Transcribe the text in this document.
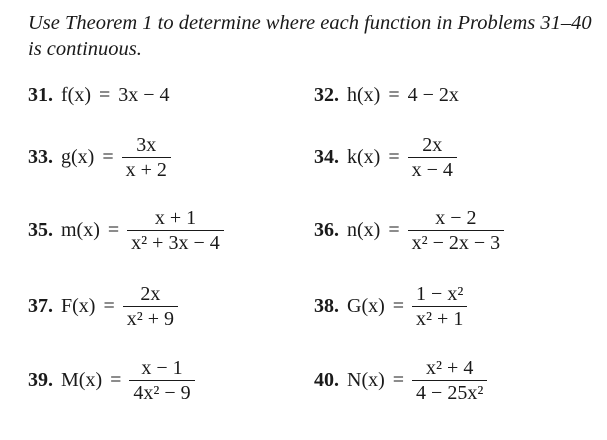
Use Theorem 1 to determine where each function in Problems 31–40 is continuous.
31. f(x) = 3x − 4	32. h(x) = 4 − 2x
33. $g(x) = \frac{3x}{x + 2}$	34. $k(x) = \frac{2x}{x - 4}$
35. $m(x) = \frac{x + 1}{\text{x² + 3x − 4}}$	36. $n(x) = \frac{x - 2}{\text{x² − 2x − 3}}$
37. $F(x) = \frac{2x}{\text{x² + 9}}$	38. $G(x) = \frac{\text{1 − x²}}{\text{x² + 1}}$
39. $M(x) = \frac{x - 1}{\text{4x² − 9}}$	40. $N(x) = \frac{\text{x² + 4}}{\text{4 − 25x²}}$
